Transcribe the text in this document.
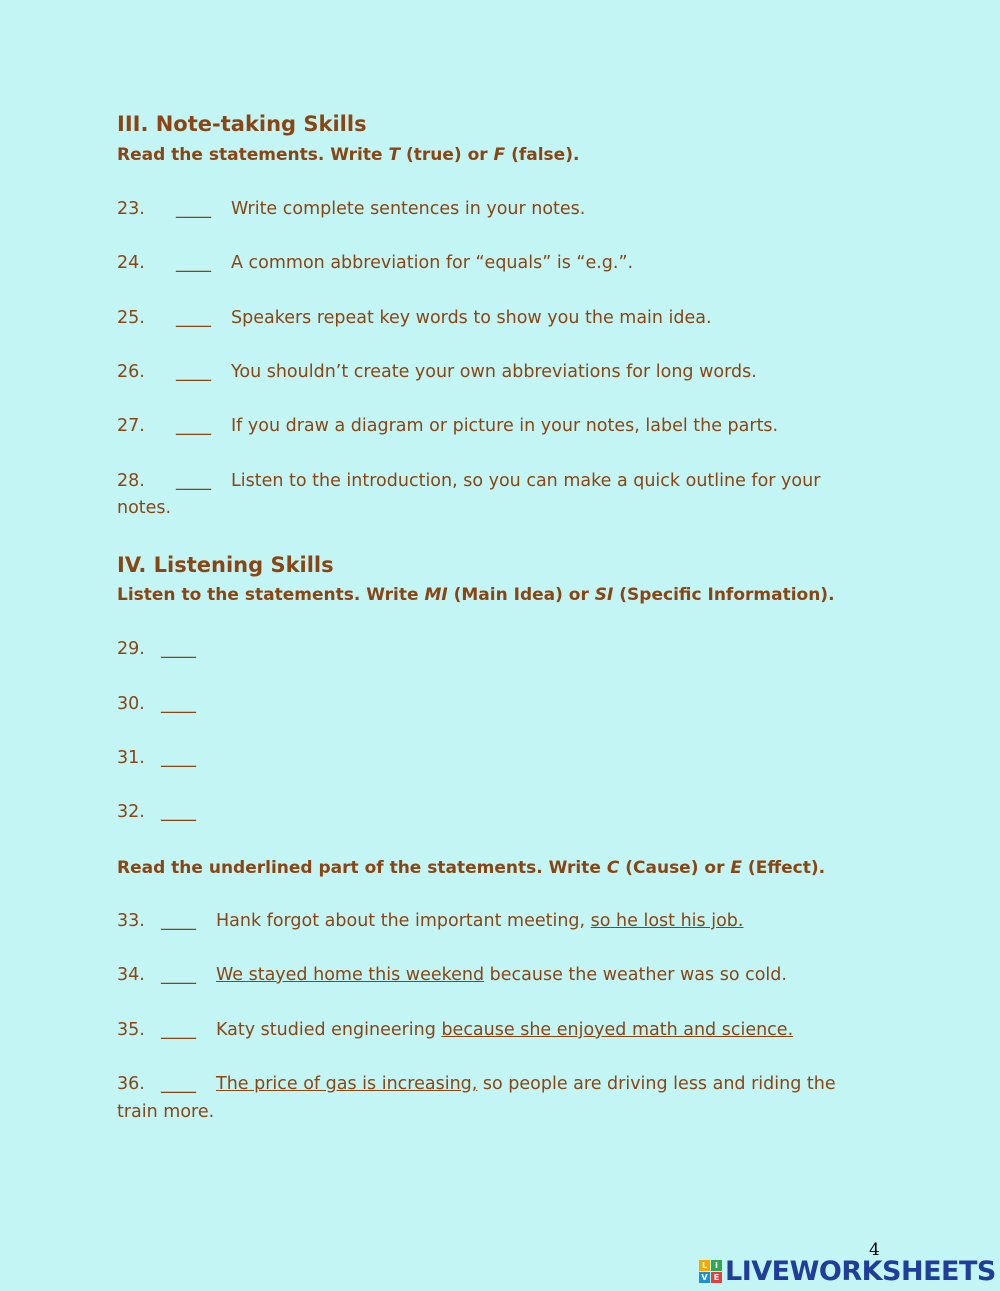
III. Note-taking Skills
Read the statements. Write T (true) or F (false).
23. ____ Write complete sentences in your notes.
24. ____ A common abbreviation for “equals” is “e.g.”.
25. ____ Speakers repeat key words to show you the main idea.
26. ____ You shouldn’t create your own abbreviations for long words.
27. ____ If you draw a diagram or picture in your notes, label the parts.
28. ____ Listen to the introduction, so you can make a quick outline for your
notes.
IV. Listening Skills
Listen to the statements. Write MI (Main Idea) or SI (Specific Information).
29. ____
30. ____
31. ____
32. ____
Read the underlined part of the statements. Write C (Cause) or E (Effect).
33. ____ Hank forgot about the important meeting, so he lost his job.
34. ____ We stayed home this weekend because the weather was so cold.
35. ____ Katy studied engineering because she enjoyed math and science.
36. ____ The price of gas is increasing, so people are driving less and riding the
train more.
4
L I
V E LIVEWORKSHEETS
